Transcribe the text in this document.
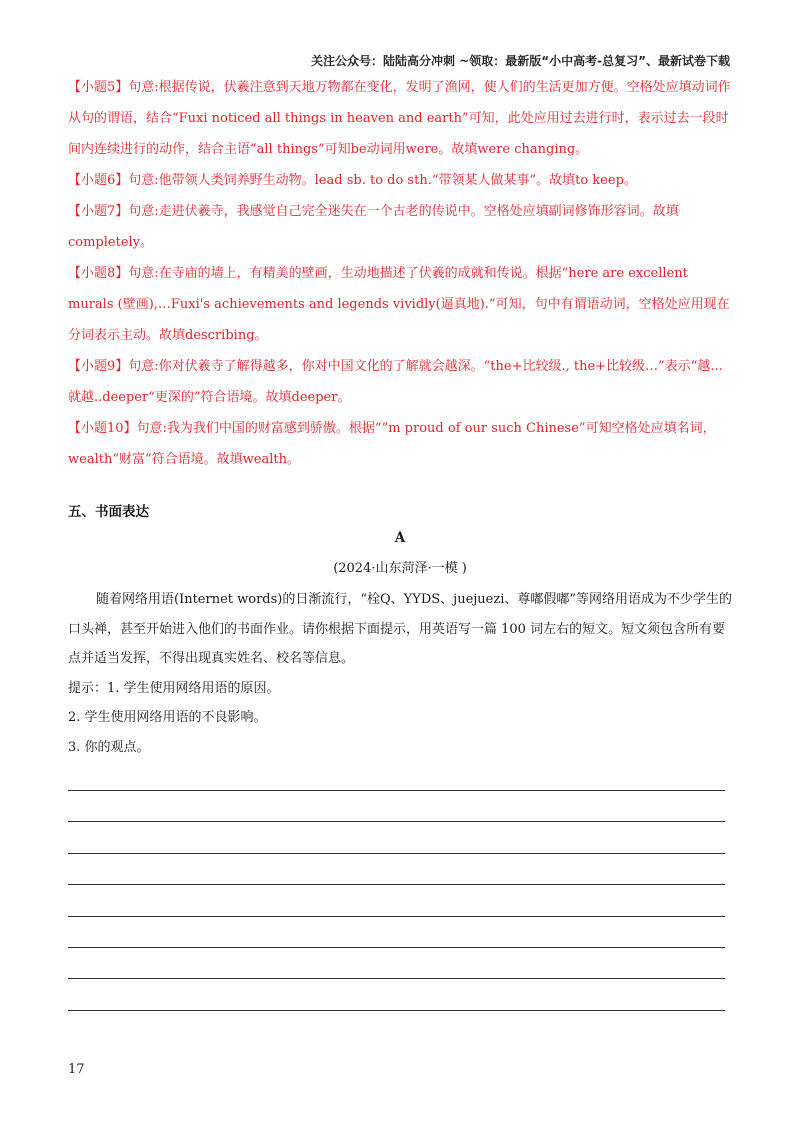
关注公众号：陆陆高分冲刺 ~领取：最新版“小中高考-总复习”、最新试卷下载

【小题5】句意:根据传说，伏羲注意到天地万物都在变化，发明了渔网，使人们的生活更加方便。空格处应填动词作从句的谓语，结合“Fuxi noticed all things in heaven and earth”可知，此处应用过去进行时，表示过去一段时间内连续进行的动作，结合主语“all things”可知be动词用were。故填were changing。

【小题6】句意:他带领人类饲养野生动物。lead sb. to do sth.“带领某人做某事”。故填to keep。

【小题7】句意:走进伏羲寺，我感觉自己完全迷失在一个古老的传说中。空格处应填副词修饰形容词。故填completely。

【小题8】句意:在寺庙的墙上，有精美的壁画，生动地描述了伏羲的成就和传说。根据“here are excellent murals (壁画),…Fuxi's achievements and legends vividly(逼真地).”可知，句中有谓语动词，空格处应用现在分词表示主动。故填describing。

【小题9】句意:你对伏羲寺了解得越多，你对中国文化的了解就会越深。“the+比较级., the+比较级…”表示“越...就越..deeper“更深的”符合语境。故填deeper。

【小题10】句意:我为我们中国的财富感到骄傲。根据“”m proud of our such Chinese”可知空格处应填名词，wealth“财富”符合语境。故填wealth。

五、书面表达
A
(2024·山东菏泽·一模 )

随着网络用语(Internet words)的日渐流行，“栓Q、YYDS、juejuezi、尊嘟假嘟”等网络用语成为不少学生的口头禅，甚至开始进入他们的书面作业。请你根据下面提示，用英语写一篇 100 词左右的短文。短文须包含所有要点并适当发挥，不得出现真实姓名、校名等信息。

提示：1. 学生使用网络用语的原因。

2. 学生使用网络用语的不良影响。

3. 你的观点。

17
